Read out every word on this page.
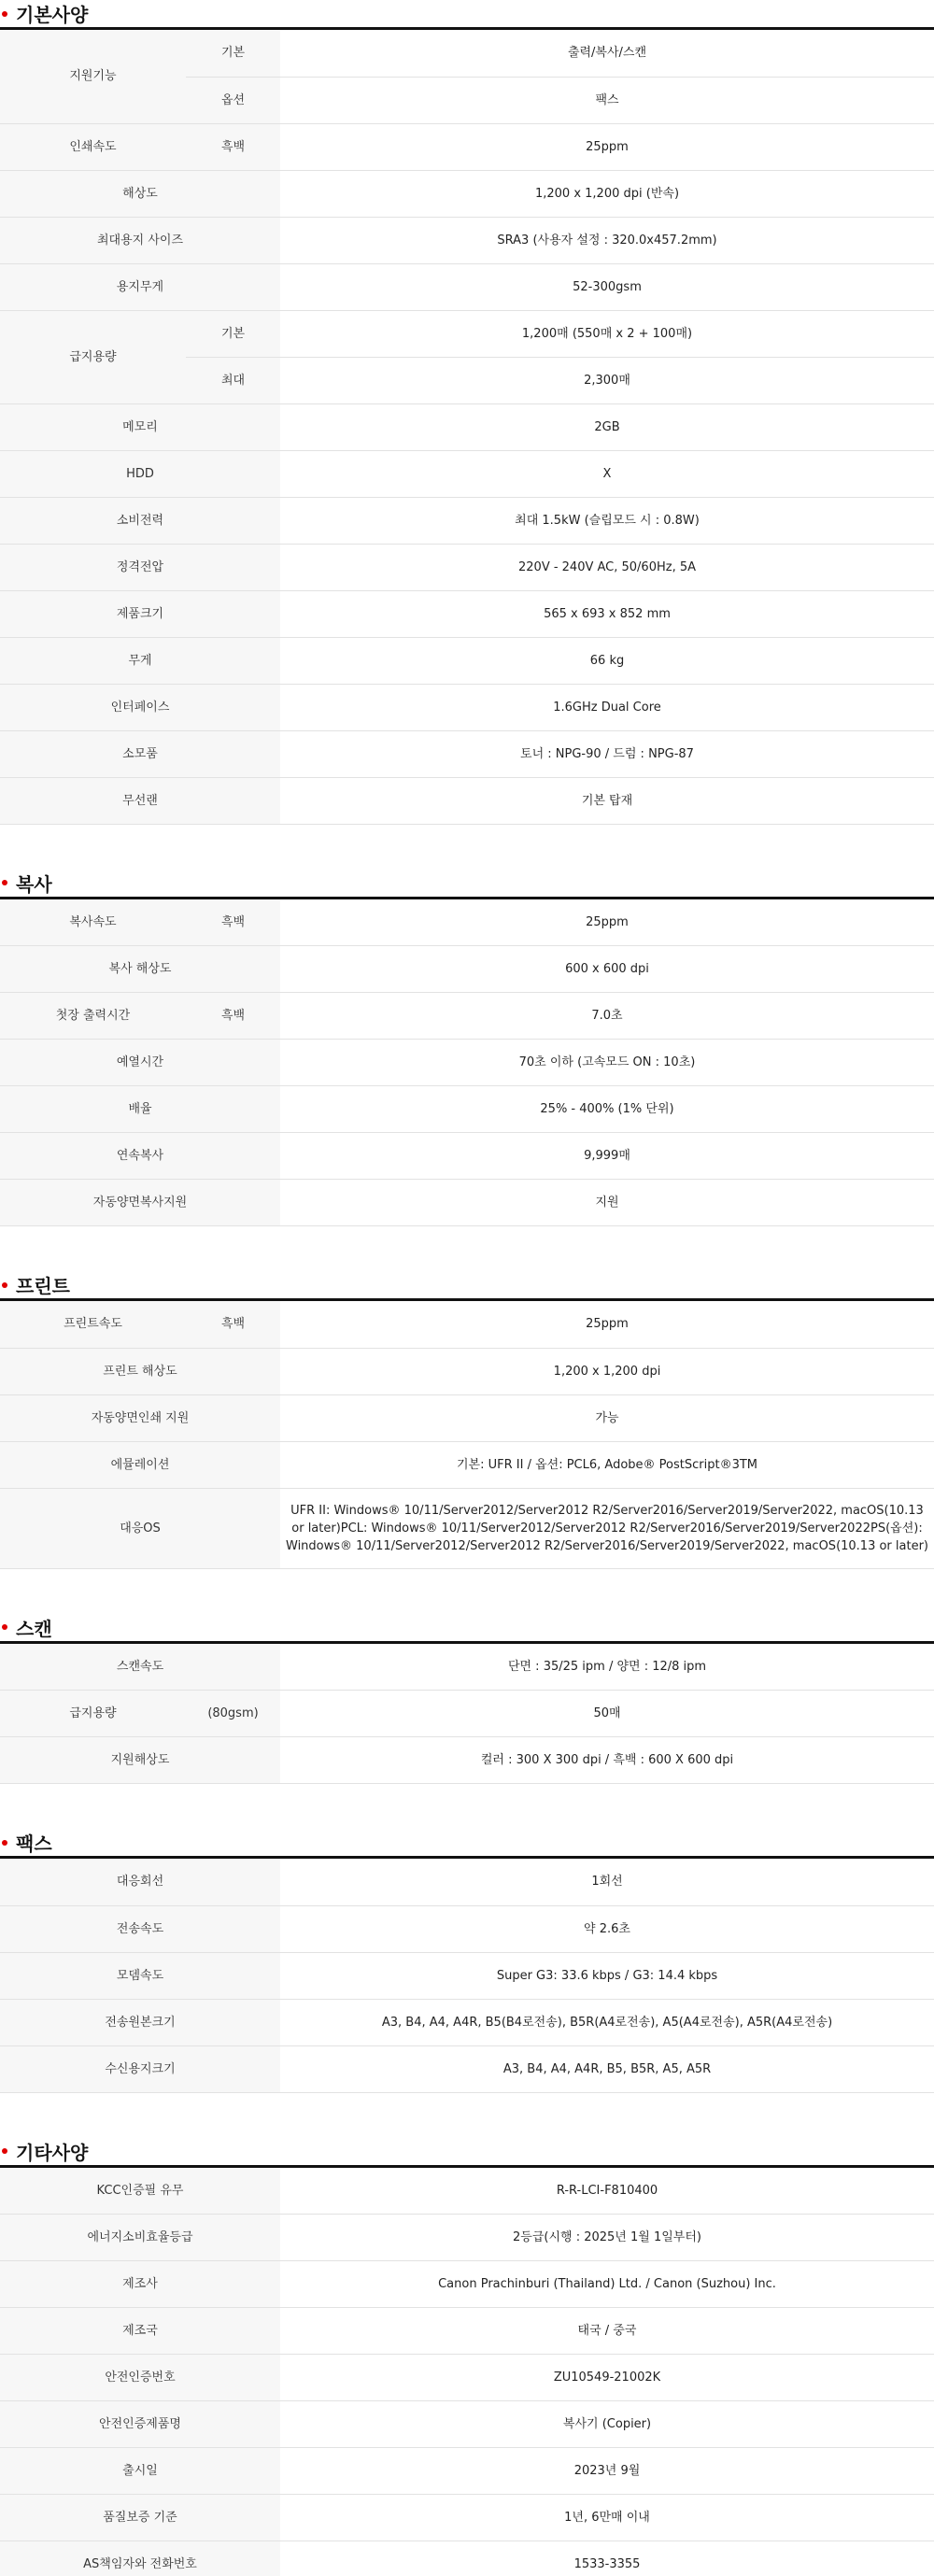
기본사양
지원기능	기본	출력/복사/스캔
	옵션	팩스
인쇄속도	흑백	25ppm
해상도		1,200 x 1,200 dpi (반속)
최대용지 사이즈		SRA3 (사용자 설정 : 320.0x457.2mm)
용지무게		52-300gsm
급지용량	기본	1,200매 (550매 x 2 + 100매)
	최대	2,300매
메모리		2GB
HDD		X
소비전력		최대 1.5kW (슬립모드 시 : 0.8W)
정격전압		220V - 240V AC, 50/60Hz, 5A
제품크기		565 x 693 x 852 mm
무게		66 kg
인터페이스		1.6GHz Dual Core
소모품		토너 : NPG-90 / 드럼 : NPG-87
무선랜		기본 탑재
복사
복사속도	흑백	25ppm
복사 해상도		600 x 600 dpi
첫장 출력시간	흑백	7.0초
예열시간		70초 이하 (고속모드 ON : 10초)
배율		25% - 400% (1% 단위)
연속복사		9,999매
자동양면복사지원		지원
프린트
프린트속도	흑백	25ppm
프린트 해상도		1,200 x 1,200 dpi
자동양면인쇄 지원		가능
에뮬레이션		기본: UFR II / 옵션: PCL6, Adobe® PostScript®3TM
대응OS		UFR II: Windows® 10/11/Server2012/Server2012 R2/Server2016/Server2019/Server2022, macOS(10.13 or later)PCL: Windows® 10/11/Server2012/Server2012 R2/Server2016/Server2019/Server2022PS(옵션): Windows® 10/11/Server2012/Server2012 R2/Server2016/Server2019/Server2022, macOS(10.13 or later)
스캔
스캔속도		단면 : 35/25 ipm / 양면 : 12/8 ipm
급지용량	(80gsm)	50매
지원해상도		컬러 : 300 X 300 dpi / 흑백 : 600 X 600 dpi
팩스
대응회선	1회선
전송속도	약 2.6초
모뎀속도	Super G3: 33.6 kbps / G3: 14.4 kbps
전송원본크기	A3, B4, A4, A4R, B5(B4로전송), B5R(A4로전송), A5(A4로전송), A5R(A4로전송)
수신용지크기	A3, B4, A4, A4R, B5, B5R, A5, A5R
기타사양
KCC인증필 유무	R-R-LCI-F810400
에너지소비효율등급	2등급(시행 : 2025년 1월 1일부터)
제조사	Canon Prachinburi (Thailand) Ltd. / Canon (Suzhou) Inc.
제조국	태국 / 중국
안전인증번호	ZU10549-21002K
안전인증제품명	복사기 (Copier)
출시일	2023년 9월
품질보증 기준	1년, 6만매 이내
AS책임자와 전화번호	1533-3355
